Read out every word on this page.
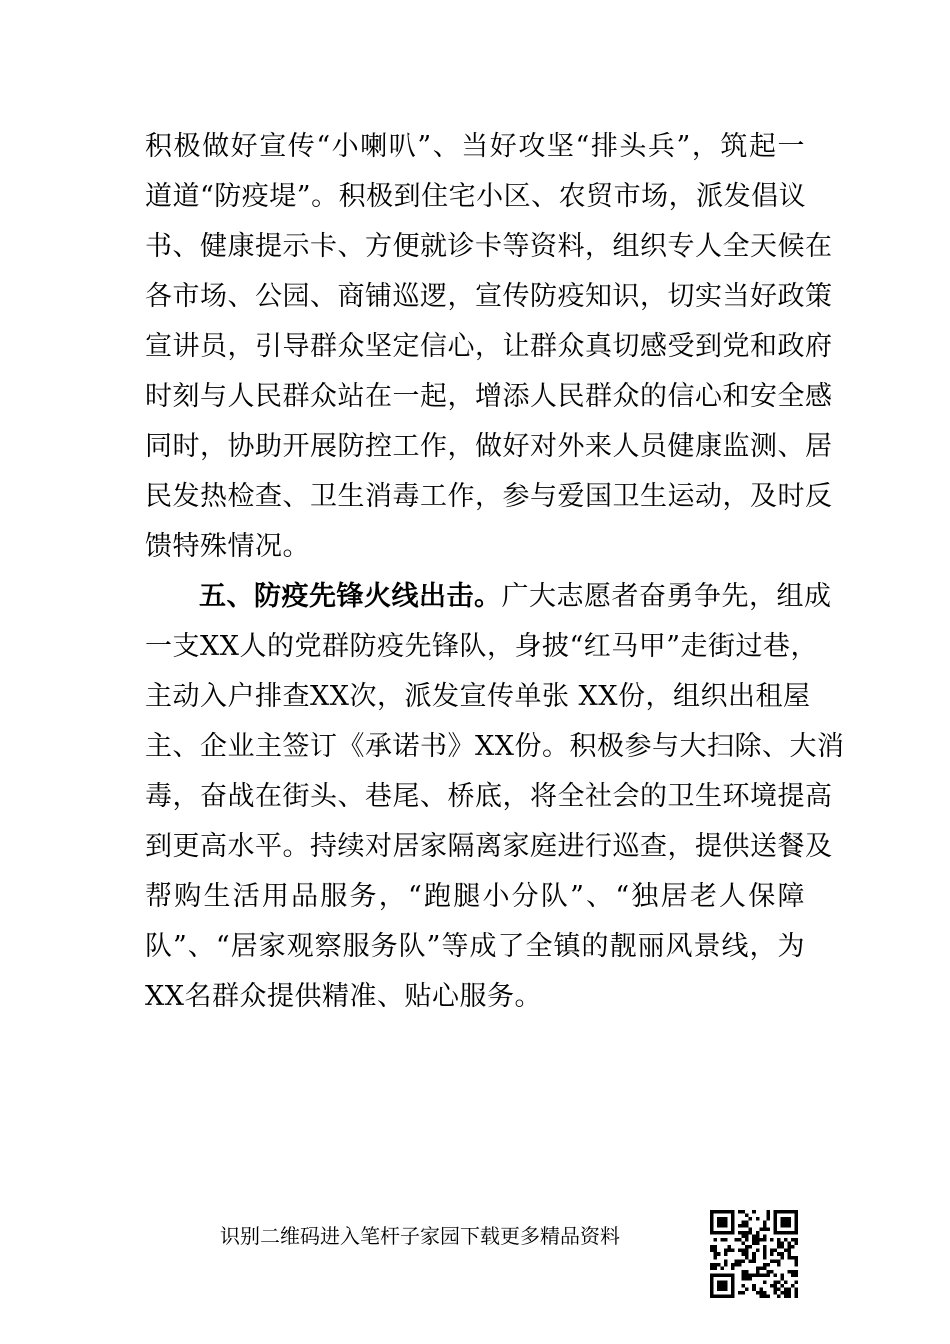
积极做好宣传“小喇叭”、当好攻坚“排头兵”，筑起一
道道“防疫堤”。积极到住宅小区、农贸市场，派发倡议
书、健康提示卡、方便就诊卡等资料，组织专人全天候在
各市场、公园、商铺巡逻，宣传防疫知识，切实当好政策
宣讲员，引导群众坚定信心，让群众真切感受到党和政府
时刻与人民群众站在一起，增添人民群众的信心和安全感
同时，协助开展防控工作，做好对外来人员健康监测、居
民发热检查、卫生消毒工作，参与爱国卫生运动，及时反
馈特殊情况。
五、防疫先锋火线出击。广大志愿者奋勇争先，组成
一支XX人的党群防疫先锋队，身披“红马甲”走街过巷，
主动入户排查XX次，派发宣传单张 XX份，组织出租屋
主、企业主签订《承诺书》XX份。积极参与大扫除、大消
毒，奋战在街头、巷尾、桥底，将全社会的卫生环境提高
到更高水平。持续对居家隔离家庭进行巡查，提供送餐及
帮购生活用品服务，“跑腿小分队”、“独居老人保障
队”、“居家观察服务队”等成了全镇的靓丽风景线，为
XX名群众提供精准、贴心服务。
识别二维码进入笔杆子家园下载更多精品资料
